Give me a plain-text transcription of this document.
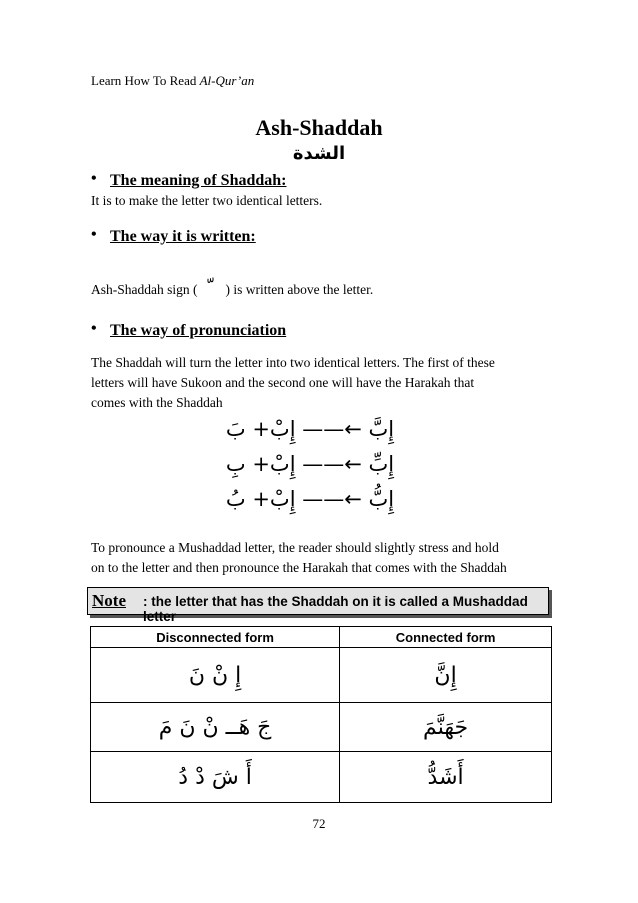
Learn How To Read Al-Qur’an
Ash-Shaddah
الشدة
• The meaning of Shaddah:
It is to make the letter two identical letters.
• The way it is written:
Ash-Shaddah sign ( ) is written above the letter.
• The way of pronunciation
The Shaddah will turn the letter into two identical letters. The first of these
letters will have Sukoon and the second one will have the Harakah that
comes with the Shaddah
إِبَّ ←—— إِبْ+ بَ
إِبِّ ←—— إِبْ+ بِ
إِبُّ ←—— إِبْ+ بُ
To pronounce a Mushaddad letter, the reader should slightly stress and hold
on to the letter and then pronounce the Harakah that comes with the Shaddah
Note : the letter that has the Shaddah on it is called a Mushaddad letter
Disconnected form	Connected form
إِ نْ نَ	إِنَّ
جَ هَــ نْ نَ مَ	جَهَنَّمَ
أَ شَ دْ دُ	أَشَدُّ
72
